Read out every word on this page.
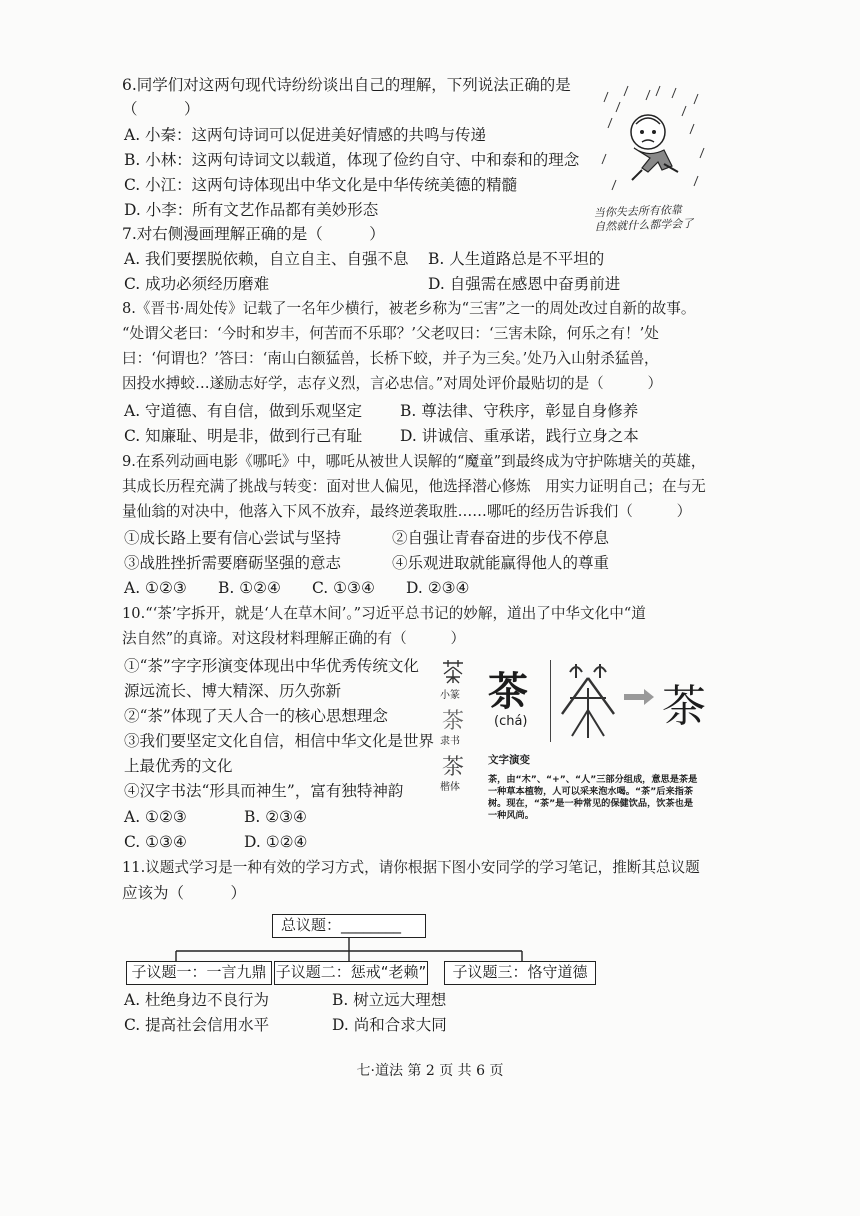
6.同学们对这两句现代诗纷纷谈出自己的理解，下列说法正确的是
（　　　）
A. 小秦：这两句诗词可以促进美好情感的共鸣与传递
B. 小林：这两句诗词文以载道，体现了俭约自守、中和泰和的理念
C. 小江：这两句诗体现出中华文化是中华传统美德的精髓
D. 小李：所有文艺作品都有美妙形态	当你失去所有依靠
自然就什么都学会了
7.对右侧漫画理解正确的是（　　　）
A. 我们要摆脱依赖，自立自主、自强不息 B. 人生道路总是不平坦的
C. 成功必须经历磨难	D. 自强需在感恩中奋勇前进
8.《晋书·周处传》记载了一名年少横行，被老乡称为“三害”之一的周处改过自新的故事。
“处谓父老曰：‘今时和岁丰，何苦而不乐耶？’父老叹曰：‘三害未除，何乐之有！’处
曰：‘何谓也？’答曰：‘南山白额猛兽，长桥下蛟，并子为三矣。’处乃入山射杀猛兽，
因投水搏蛟…遂励志好学，志存义烈，言必忠信。”对周处评价最贴切的是（　　　）
A. 守道德、有自信，做到乐观坚定 B. 尊法律、守秩序，彰显自身修养
C. 知廉耻、明是非，做到行己有耻 D. 讲诚信、重承诺，践行立身之本
9.在系列动画电影《哪吒》中，哪吒从被世人误解的“魔童”到最终成为守护陈塘关的英雄，
其成长历程充满了挑战与转变：面对世人偏见，他选择潜心修炼　用实力证明自己；在与无
量仙翁的对决中，他落入下风不放弃，最终逆袭取胜……哪吒的经历告诉我们（　　　）
①成长路上要有信心尝试与坚持	②自强让青春奋进的步伐不停息
③战胜挫折需要磨砺坚强的意志	④乐观进取就能赢得他人的尊重
A. ①②③ B. ①②④ C. ①③④ D. ②③④
10.“‘茶’字拆开，就是‘人在草木间’。”习近平总书记的妙解，道出了中华文化中“道
法自然”的真谛。对这段材料理解正确的有（　　　）
①“茶”字字形演变体现出中华优秀传统文化
源远流长、博大精深、历久弥新
②“茶”体现了天人合一的核心思想理念
③我们要坚定文化自信，相信中华文化是世界
上最优秀的文化
④汉字书法“形具而神生”，富有独特神韵
A. ①②③	B. ②③④
C. ①③④	D. ①②④
小篆
茶
隶书
茶
楷体
茶
(chá)	茶
文字演变
茶，由“木”、“+”、“人”三部分组成，意思是茶是
一种草本植物，人可以采来泡水喝。“茶”后来指茶
树。现在，“茶”是一种常见的保健饮品，饮茶也是
一种风尚。
11.议题式学习是一种有效的学习方式，请你根据下图小安同学的学习笔记，推断其总议题
应该为（　　　）
总议题：________
子议题一：一言九鼎 子议题二：惩戒“老赖”	子议题三：恪守道德
A. 杜绝身边不良行为	B. 树立远大理想
C. 提高社会信用水平	D. 尚和合求大同
七·道法 第 2 页 共 6 页
